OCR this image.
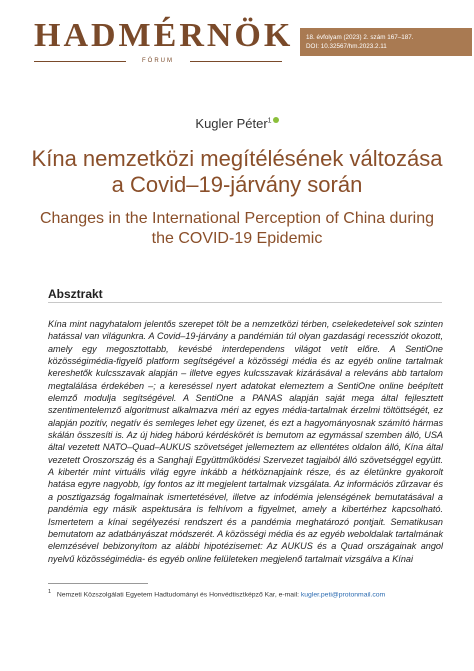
HADMÉRNÖK
FÓRUM
18. évfolyam (2023) 2. szám 167–187.
DOI: 10.32567/hm.2023.2.11
Kugler Péter$^1$
Kína nemzetközi megítélésének változása a Covid–19-járvány során
Changes in the International Perception of China during the COVID-19 Epidemic
Absztrakt

Kína mint nagyhatalom jelentős szerepet tölt be a nemzetközi térben, cselekedeteivel sok szinten hatással van világunkra. A Covid–19-járvány a pandémián túl olyan gazdasági recessziót okozott, amely egy megosztottabb, kevésbé interdependens világot vetít előre. A SentiOne közösségimédia-figyelő platform segítségével a közösségi média és az egyéb online tartalmak kereshetők kulcsszavak alapján – illetve egyes kulcsszavak kizárásával a releváns abb tartalom megtalálása érdekében –; a kereséssel nyert adatokat elemeztem a SentiOne online beépített elemző modulja segítségével. A SentiOne a PANAS alapján saját mega által fejlesztett szentimentelemző algoritmust alkalmazva méri az egyes média-tartalmak érzelmi töltöttségét, ez alapján pozitív, negatív és semleges lehet egy üzenet, és ezt a hagyományosnak számító hármas skálán összesíti is. Az új hideg háború kérdéskörét is bemutom az egymással szemben álló, USA által vezetett NATO–Quad–AUKUS szövetséget jellemeztem az ellentétes oldalon álló, Kína által vezetett Oroszország és a Sanghaji Együttműködési Szervezet tagjaiból álló szövetséggel együtt. A kibertér mint virtuális világ egyre inkább a hétköznapjaink része, és az életünkre gyakorolt hatása egyre nagyobb, így fontos az itt megjelent tartalmak vizsgálata. Az információs zűrzavar és a posztigazság fogalmainak ismertetésével, illetve az infodémia jelenségének bemutatásával a pandémia egy másik aspektusára is felhívom a figyelmet, amely a kibertérhez kapcsolható. Ismertetem a kínai segélyezési rendszert és a pandémia meghatározó pontjait. Sematikusan bemutatom az adatbányászat módszerét. A közösségi média és az egyéb weboldalak tartalmának elemzésével bebizonyítom az alábbi hipotézisemet: Az AUKUS és a Quad országainak angol nyelvű közösségimédia- és egyéb online felületeken megjelenő tartalmait vizsgálva a Kínai

$^1$ Nemzeti Közszolgálati Egyetem Hadtudományi és Honvédtisztképző Kar, e-mail: kugler.peti@protonmail.com
